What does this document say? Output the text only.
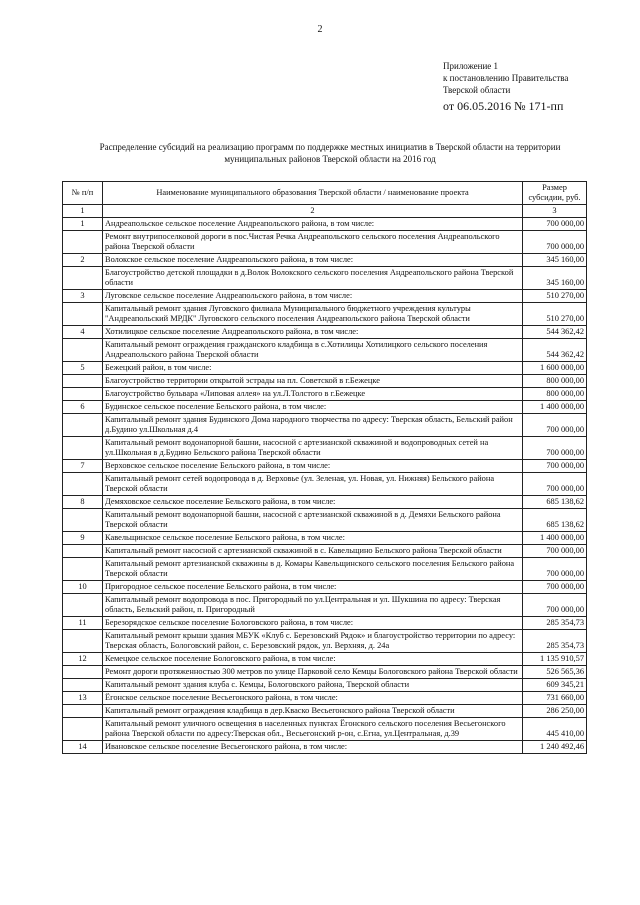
2
Приложение 1
к постановлению Правительства
Тверской области
от 06.05.2016 № 171-пп
Распределение субсидий на реализацию программ по поддержке местных инициатив в Тверской области на территории муниципальных районов Тверской области на 2016 год
№ п/п	Наименование муниципального образования Тверской области / наименование проекта	Размер субсидии, руб.
1	2	3
1	Андреапольское сельское поселение Андреапольского района, в том числе:	700 000,00
	Ремонт внутрипоселковой дороги в пос.Чистая Речка Андреапольского сельского поселения Андреапольского района Тверской области	700 000,00
2	Волокское сельское поселение Андреапольского района, в том числе:	345 160,00
	Благоустройство детской площадки в д.Волок Волокского сельского поселения Андреапольского района Тверской области	345 160,00
3	Луговское сельское поселение Андреапольского района, в том числе:	510 270,00
	Капитальный ремонт здания Луговского филиала Муниципального бюджетного учреждения культуры "Андреапольский МРДК" Луговского сельского поселения Андреапольского района Тверской области	510 270,00
4	Хотилицкое сельское поселение Андреапольского района, в том числе:	544 362,42
	Капитальный ремонт ограждения гражданского кладбища в с.Хотилицы Хотилицкого сельского поселения Андреапольского района Тверской области	544 362,42
5	Бежецкий район, в том числе:	1 600 000,00
	Благоустройство территории открытой эстрады на пл. Советской в г.Бежецке	800 000,00
	Благоустройство бульвара «Липовая аллея» на ул.Л.Толстого в г.Бежецке	800 000,00
6	Будинское сельское поселение Бельского района, в том числе:	1 400 000,00
	Капитальный ремонт здания Будинского Дома народного творчества по адресу: Тверская область, Бельский район д.Будино ул.Школьная д.4	700 000,00
	Капитальный ремонт водонапорной башни, насосной с артезианской скважиной и водопроводных сетей на ул.Школьная в д.Будино Бельского района Тверской области	700 000,00
7	Верховское сельское поселение Бельского района, в том числе:	700 000,00
	Капитальный ремонт сетей водопровода в д. Верховье (ул. Зеленая, ул. Новая, ул. Нижняя) Бельского района Тверской области	700 000,00
8	Демяховское сельское поселение Бельского района, в том числе:	685 138,62
	Капитальный ремонт водонапорной башни, насосной с артезианской скважиной в д. Демяхи Бельского района Тверской области	685 138,62
9	Кавельщинское сельское поселение Бельского района, в том числе:	1 400 000,00
	Капитальный ремонт насосной с артезианской скважиной в с. Кавельщино Бельского района Тверской области	700 000,00
	Капитальный ремонт артезианской скважины в д. Комары Кавельщинского сельского поселения Бельского района Тверской области	700 000,00
10	Пригородное сельское поселение Бельского района, в том числе:	700 000,00
	Капитальный ремонт водопровода в пос. Пригородный по ул.Центральная и ул. Шукшина по адресу: Тверская область, Бельский район, п. Пригородный	700 000,00
11	Березорядское сельское поселение Бологовского района, в том числе:	285 354,73
	Капитальный ремонт крыши здания МБУК «Клуб с. Березовский Рядок» и благоустройство территории по адресу: Тверская область, Бологовский район, с. Березовский рядок, ул. Верхняя, д. 24а	285 354,73
12	Кемецкое сельское поселение Бологовского района, в том числе:	1 135 910,57
	Ремонт дороги протяженностью 300 метров по улице Парковой село Кемцы Бологовского района Тверской области	526 565,36
	Капитальный ремонт здания клуба с. Кемцы, Бологовского района, Тверской области	609 345,21
13	Ёгонское сельское поселение Весьегонского района, в том числе:	731 660,00
	Капитальный ремонт ограждения кладбища в дер.Кваско Весьегонского района Тверской области	286 250,00
	Капитальный ремонт уличного освещения в населенных пунктах Ёгонского сельского поселения Весьегонского района Тверской области по адресу:Тверская обл., Весьегонский р-он, с.Егна, ул.Центральная, д.39	445 410,00
14	Ивановское сельское поселение Весьегонского района, в том числе:	1 240 492,46
